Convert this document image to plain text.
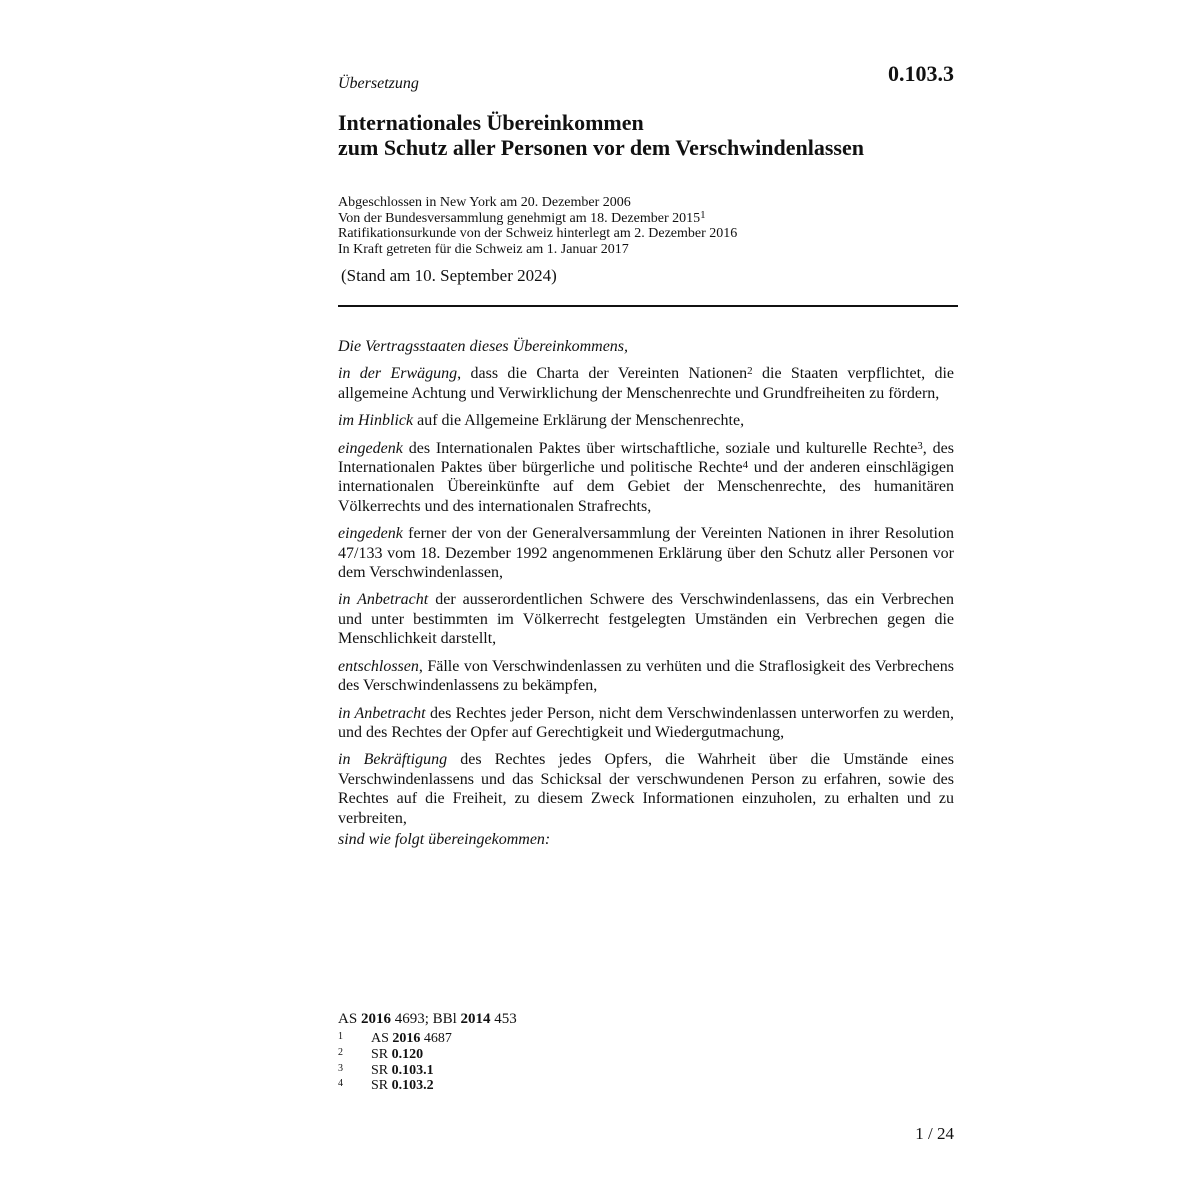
Übersetzung	0.103.3
Internationales Übereinkommen
zum Schutz aller Personen vor dem Verschwindenlassen
Abgeschlossen in New York am 20. Dezember 2006
Von der Bundesversammlung genehmigt am 18. Dezember 2015$^1$
Ratifikationsurkunde von der Schweiz hinterlegt am 2. Dezember 2016
In Kraft getreten für die Schweiz am 1. Januar 2017
(Stand am 10. September 2024)

Die Vertragsstaaten dieses Übereinkommens,

in der Erwägung, dass die Charta der Vereinten Nationen$^2$ die Staaten verpflichtet, die allgemeine Achtung und Verwirklichung der Menschenrechte und Grundfreiheiten zu fördern,

im Hinblick auf die Allgemeine Erklärung der Menschenrechte,

eingedenk des Internationalen Paktes über wirtschaftliche, soziale und kulturelle Rechte$^3$, des Internationalen Paktes über bürgerliche und politische Rechte$^4$ und der anderen einschlägigen internationalen Übereinkünfte auf dem Gebiet der Menschenrechte, des humanitären Völkerrechts und des internationalen Strafrechts,

eingedenk ferner der von der Generalversammlung der Vereinten Nationen in ihrer Resolution 47/133 vom 18. Dezember 1992 angenommenen Erklärung über den Schutz aller Personen vor dem Verschwindenlassen,

in Anbetracht der ausserordentlichen Schwere des Verschwindenlassens, das ein Verbrechen und unter bestimmten im Völkerrecht festgelegten Umständen ein Verbrechen gegen die Menschlichkeit darstellt,

entschlossen, Fälle von Verschwindenlassen zu verhüten und die Straflosigkeit des Verbrechens des Verschwindenlassens zu bekämpfen,

in Anbetracht des Rechtes jeder Person, nicht dem Verschwindenlassen unterworfen zu werden, und des Rechtes der Opfer auf Gerechtigkeit und Wiedergutmachung,

in Bekräftigung des Rechtes jedes Opfers, die Wahrheit über die Umstände eines Verschwindenlassens und das Schicksal der verschwundenen Person zu erfahren, sowie des Rechtes auf die Freiheit, zu diesem Zweck Informationen einzuholen, zu erhalten und zu verbreiten,

sind wie folgt übereingekommen:

AS 2016 4693; BBl 2014 453
1	AS 2016 4687
2	SR 0.120
3	SR 0.103.1
4	SR 0.103.2
1 / 24
